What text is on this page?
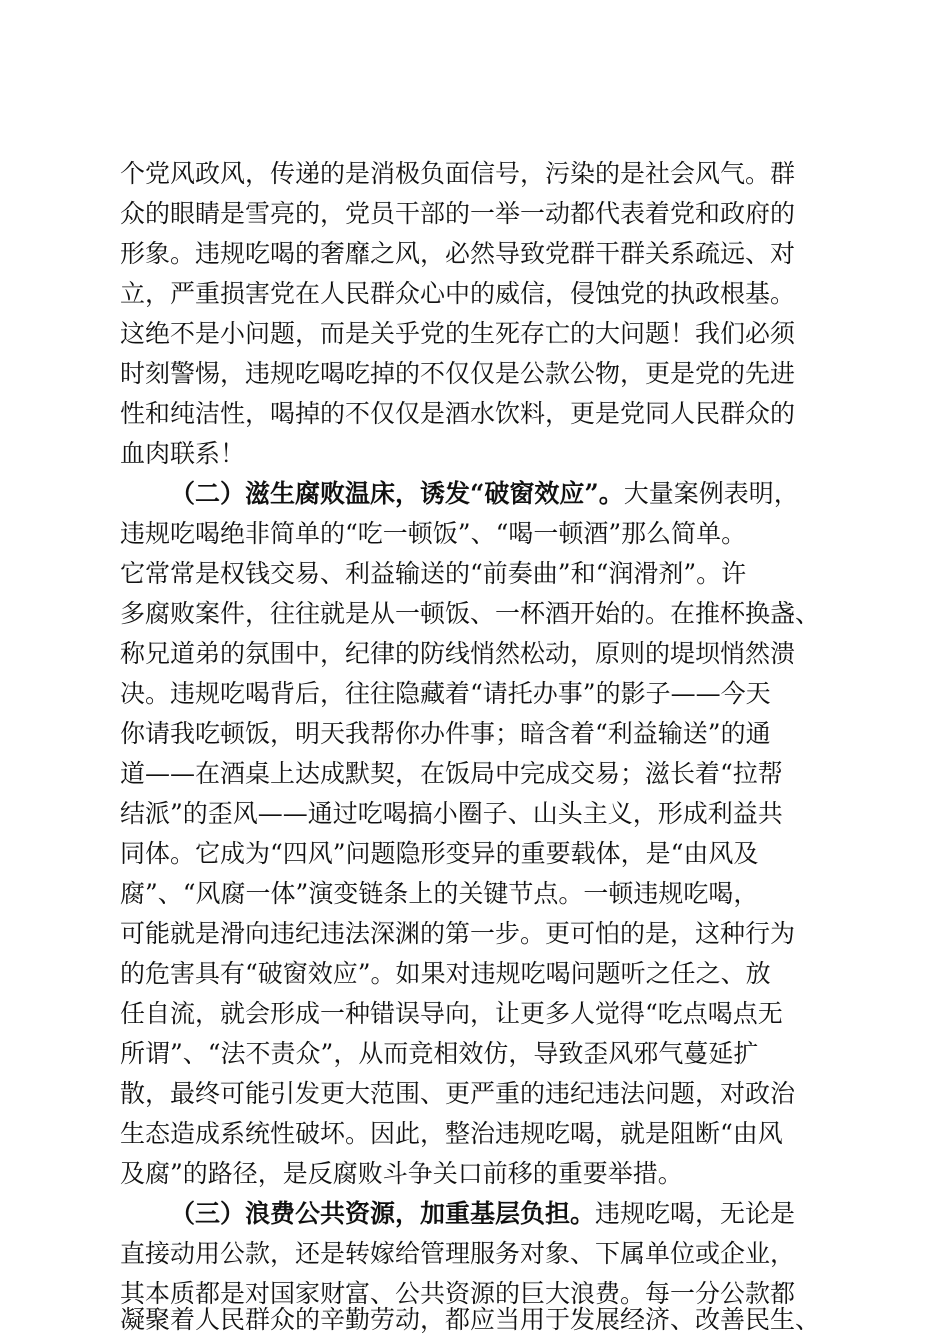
个党风政风，传递的是消极负面信号，污染的是社会风气。群
众的眼睛是雪亮的，党员干部的一举一动都代表着党和政府的
形象。违规吃喝的奢靡之风，必然导致党群干群关系疏远、对
立，严重损害党在人民群众心中的威信，侵蚀党的执政根基。
这绝不是小问题，而是关乎党的生死存亡的大问题！我们必须
时刻警惕，违规吃喝吃掉的不仅仅是公款公物，更是党的先进
性和纯洁性，喝掉的不仅仅是酒水饮料，更是党同人民群众的
血肉联系！
（二）滋生腐败温床，诱发“破窗效应”。大量案例表明，
违规吃喝绝非简单的“吃一顿饭”、“喝一顿酒”那么简单。
它常常是权钱交易、利益输送的“前奏曲”和“润滑剂”。许
多腐败案件，往往就是从一顿饭、一杯酒开始的。在推杯换盏、
称兄道弟的氛围中，纪律的防线悄然松动，原则的堤坝悄然溃
决。违规吃喝背后，往往隐藏着“请托办事”的影子——今天
你请我吃顿饭，明天我帮你办件事；暗含着“利益输送”的通
道——在酒桌上达成默契，在饭局中完成交易；滋长着“拉帮
结派”的歪风——通过吃喝搞小圈子、山头主义，形成利益共
同体。它成为“四风”问题隐形变异的重要载体，是“由风及
腐”、“风腐一体”演变链条上的关键节点。一顿违规吃喝，
可能就是滑向违纪违法深渊的第一步。更可怕的是，这种行为
的危害具有“破窗效应”。如果对违规吃喝问题听之任之、放
任自流，就会形成一种错误导向，让更多人觉得“吃点喝点无
所谓”、“法不责众”，从而竞相效仿，导致歪风邪气蔓延扩
散，最终可能引发更大范围、更严重的违纪违法问题，对政治
生态造成系统性破坏。因此，整治违规吃喝，就是阻断“由风
及腐”的路径，是反腐败斗争关口前移的重要举措。
（三）浪费公共资源，加重基层负担。违规吃喝，无论是
直接动用公款，还是转嫁给管理服务对象、下属单位或企业，
其本质都是对国家财富、公共资源的巨大浪费。每一分公款都
凝聚着人民群众的辛勤劳动，都应当用于发展经济、改善民生、
